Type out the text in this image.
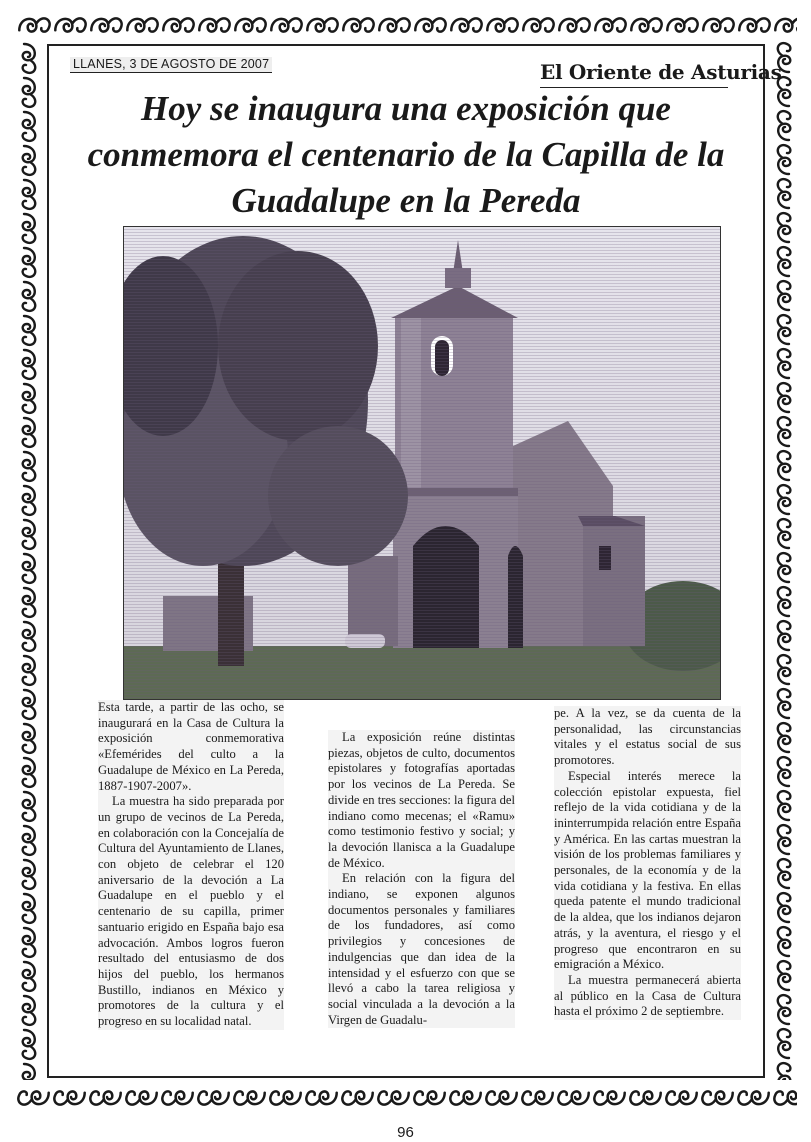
LLANES, 3 DE AGOSTO DE 2007	El Oriente de Asturias
Hoy se inaugura una exposición que conmemora el centenario de la Capilla de la Guadalupe en la Pereda

Esta tarde, a partir de las ocho, se inaugurará en la Casa de Cultura la exposición conmemorativa «Efemérides del culto a la Guadalupe de México en La Pereda, 1887-1907-2007».

La muestra ha sido preparada por un grupo de vecinos de La Pereda, en colaboración con la Concejalía de Cultura del Ayuntamiento de Llanes, con objeto de celebrar el 120 aniversario de la devoción a La Guadalupe en el pueblo y el centenario de su capilla, primer santuario erigido en España bajo esa advocación. Ambos logros fueron resultado del entusiasmo de dos hijos del pueblo, los hermanos Bustillo, indianos en México y promotores de la cultura y el progreso en su localidad natal.

La exposición reúne distintas piezas, objetos de culto, documentos epistolares y fotografías aportadas por los vecinos de La Pereda. Se divide en tres secciones: la figura del indiano como mecenas; el «Ramu» como testimonio festivo y social; y la devoción llanisca a la Guadalupe de México.

En relación con la figura del indiano, se exponen algunos documentos personales y familiares de los fundadores, así como privilegios y concesiones de indulgencias que dan idea de la intensidad y el esfuerzo con que se llevó a cabo la tarea religiosa y social vinculada a la devoción a la Virgen de Guadalu-

pe. A la vez, se da cuenta de la personalidad, las circunstancias vitales y el estatus social de sus promotores.

Especial interés merece la colección epistolar expuesta, fiel reflejo de la vida cotidiana y de la ininterrumpida relación entre España y América. En las cartas muestran la visión de los problemas familiares y personales, de la economía y de la vida cotidiana y la festiva. En ellas queda patente el mundo tradicional de la aldea, que los indianos dejaron atrás, y la aventura, el riesgo y el progreso que encontraron en su emigración a México.

La muestra permanecerá abierta al público en la Casa de Cultura hasta el próximo 2 de septiembre.

96
